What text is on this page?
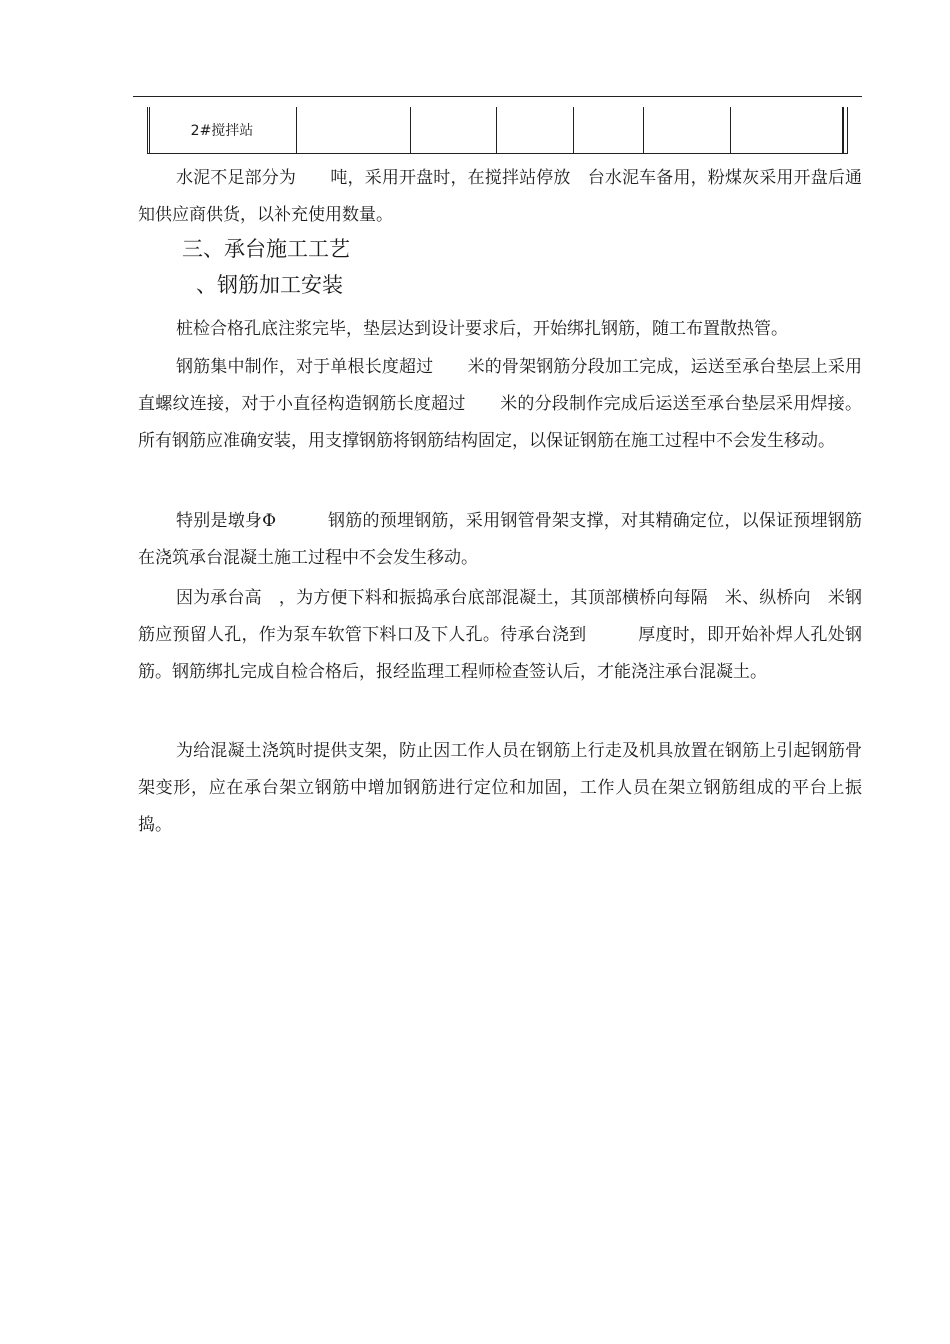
2#搅拌站
水泥不足部分为　　吨，采用开盘时，在搅拌站停放　台水泥车备用，粉煤灰采用开盘后通知供应商供货，以补充使用数量。
三、承台施工工艺
、钢筋加工安装
桩检合格孔底注浆完毕，垫层达到设计要求后，开始绑扎钢筋，随工布置散热管。
钢筋集中制作，对于单根长度超过　　米的骨架钢筋分段加工完成，运送至承台垫层上采用直螺纹连接，对于小直径构造钢筋长度超过　　米的分段制作完成后运送至承台垫层采用焊接。所有钢筋应准确安装，用支撑钢筋将钢筋结构固定，以保证钢筋在施工过程中不会发生移动。
特别是墩身Φ　　　钢筋的预埋钢筋，采用钢管骨架支撑，对其精确定位，以保证预埋钢筋在浇筑承台混凝土施工过程中不会发生移动。
因为承台高　，为方便下料和振捣承台底部混凝土，其顶部横桥向每隔　米、纵桥向　米钢筋应预留人孔，作为泵车软管下料口及下人孔。待承台浇到　　　厚度时，即开始补焊人孔处钢筋。钢筋绑扎完成自检合格后，报经监理工程师检查签认后，才能浇注承台混凝土。
为给混凝土浇筑时提供支架，防止因工作人员在钢筋上行走及机具放置在钢筋上引起钢筋骨架变形，应在承台架立钢筋中增加钢筋进行定位和加固，工作人员在架立钢筋组成的平台上振捣。
